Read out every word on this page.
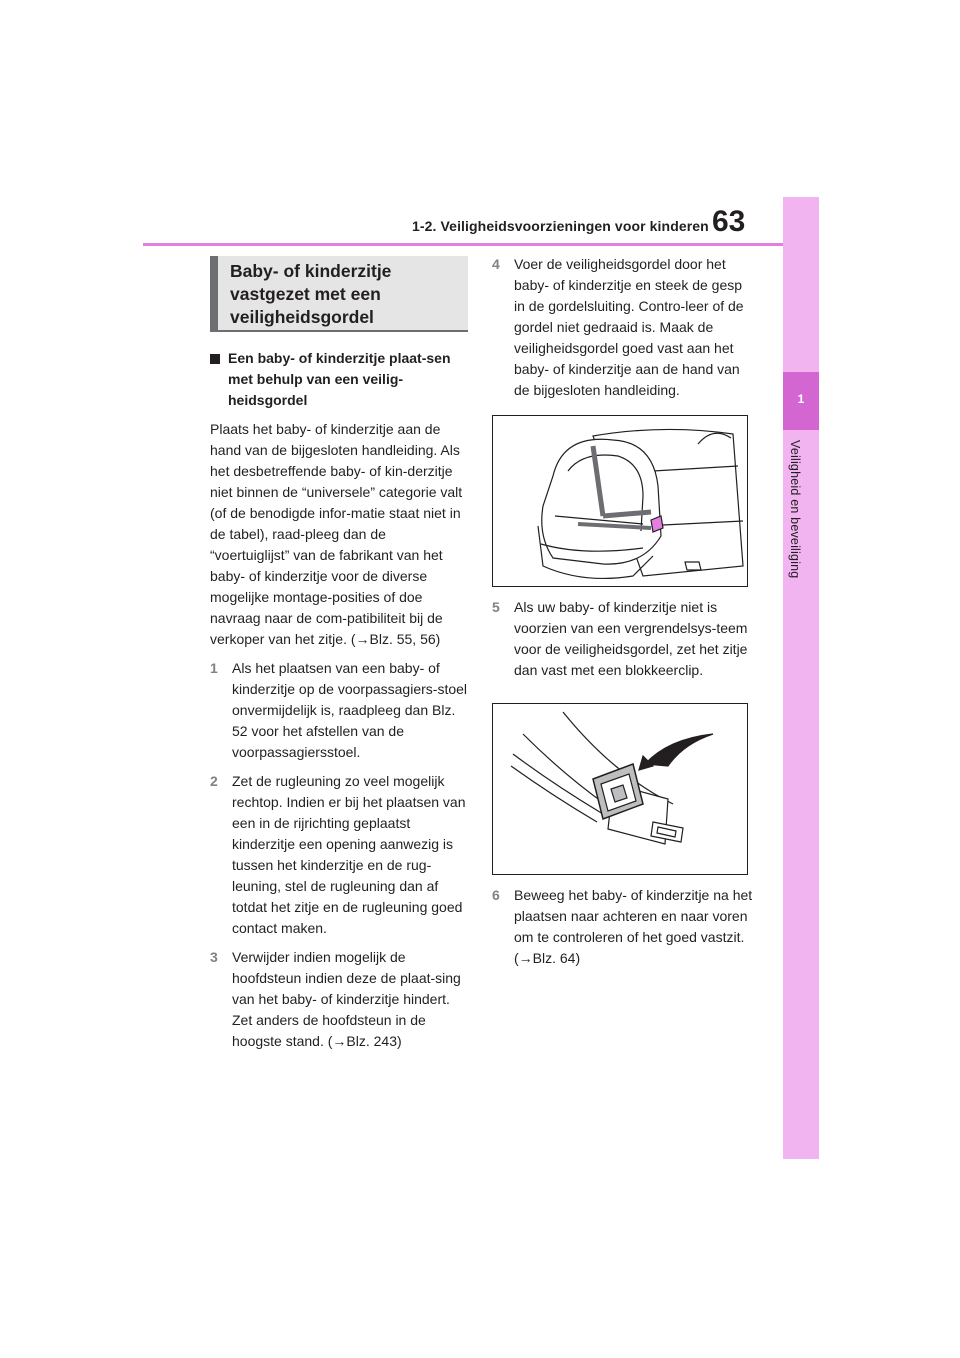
1-2. Veiligheidsvoorzieningen voor kinderen 63
1
Veiligheid en beveiliging
Baby- of kinderzitje vastgezet met een veiligheidsgordel
Een baby- of kinderzitje plaat-sen met behulp van een veilig-heidsgordel

Plaats het baby- of kinderzitje aan de hand van de bijgesloten handleiding. Als het desbetreffende baby- of kin-derzitje niet binnen de “universele” categorie valt (of de benodigde infor-matie staat niet in de tabel), raad-pleeg dan de “voertuiglijst” van de fabrikant van het baby- of kinderzitje voor de diverse mogelijke montage-posities of doe navraag naar de com-patibiliteit bij de verkoper van het zitje. (→Blz. 55, 56)

1 Als het plaatsen van een baby- of kinderzitje op de voorpassagiers-stoel onvermijdelijk is, raadpleeg dan Blz. 52 voor het afstellen van de voorpassagiersstoel.
2 Zet de rugleuning zo veel mogelijk rechtop. Indien er bij het plaatsen van een in de rijrichting geplaatst kinderzitje een opening aanwezig is tussen het kinderzitje en de rug-leuning, stel de rugleuning dan af totdat het zitje en de rugleuning goed contact maken.
3 Verwijder indien mogelijk de hoofdsteun indien deze de plaat-sing van het baby- of kinderzitje hindert. Zet anders de hoofdsteun in de hoogste stand. (→Blz. 243)
4 Voer de veiligheidsgordel door het baby- of kinderzitje en steek de gesp in de gordelsluiting. Contro-leer of de gordel niet gedraaid is. Maak de veiligheidsgordel goed vast aan het baby- of kinderzitje aan de hand van de bijgesloten handleiding.
5 Als uw baby- of kinderzitje niet is voorzien van een vergrendelsys-teem voor de veiligheidsgordel, zet het zitje dan vast met een blokkeerclip.
6 Beweeg het baby- of kinderzitje na het plaatsen naar achteren en naar voren om te controleren of het goed vastzit. (→Blz. 64)
